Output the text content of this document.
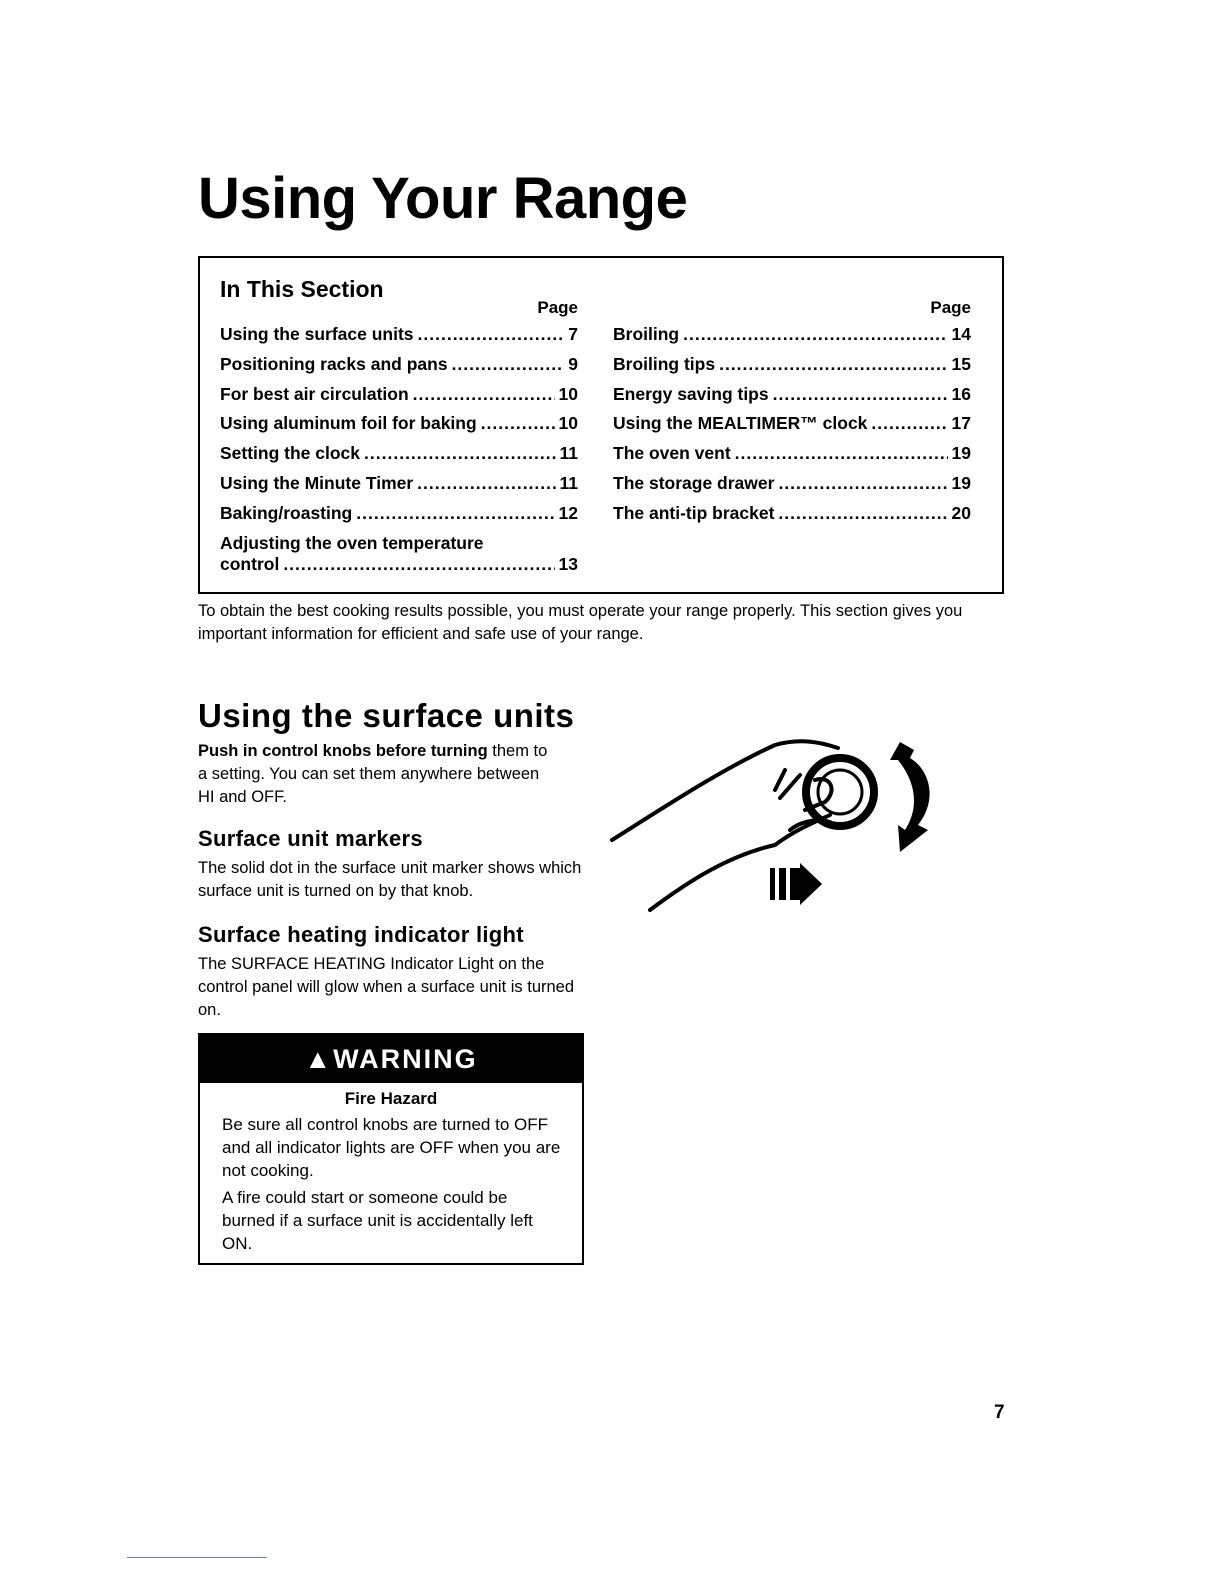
Using Your Range
In This Section
Page
Using the surface units .....	7
Positioning racks and pans .....	9
For best air circulation .....	10
Using aluminum foil for baking .....	10
Setting the clock .....	11
Using the Minute Timer .....	11
Baking/roasting .....	12
Adjusting the oven temperature
control .....	13
Page
Broiling .....	14
Broiling tips .....	15
Energy saving tips .....	16
Using the MEALTIMER™ clock .....	17
The oven vent .....	19
The storage drawer .....	19
The anti-tip bracket .....	20
To obtain the best cooking results possible, you must operate your range properly. This section gives you important information for efficient and safe use of your range.
Using the surface units
Push in control knobs before turning them to a setting. You can set them anywhere between HI and OFF.
Surface unit markers
The solid dot in the surface unit marker shows which surface unit is turned on by that knob.
Surface heating indicator light
The SURFACE HEATING Indicator Light on the control panel will glow when a surface unit is turned on.
▲WARNING
Fire Hazard

Be sure all control knobs are turned to OFF and all indicator lights are OFF when you are not cooking.

A fire could start or someone could be burned if a surface unit is accidentally left ON.

7
